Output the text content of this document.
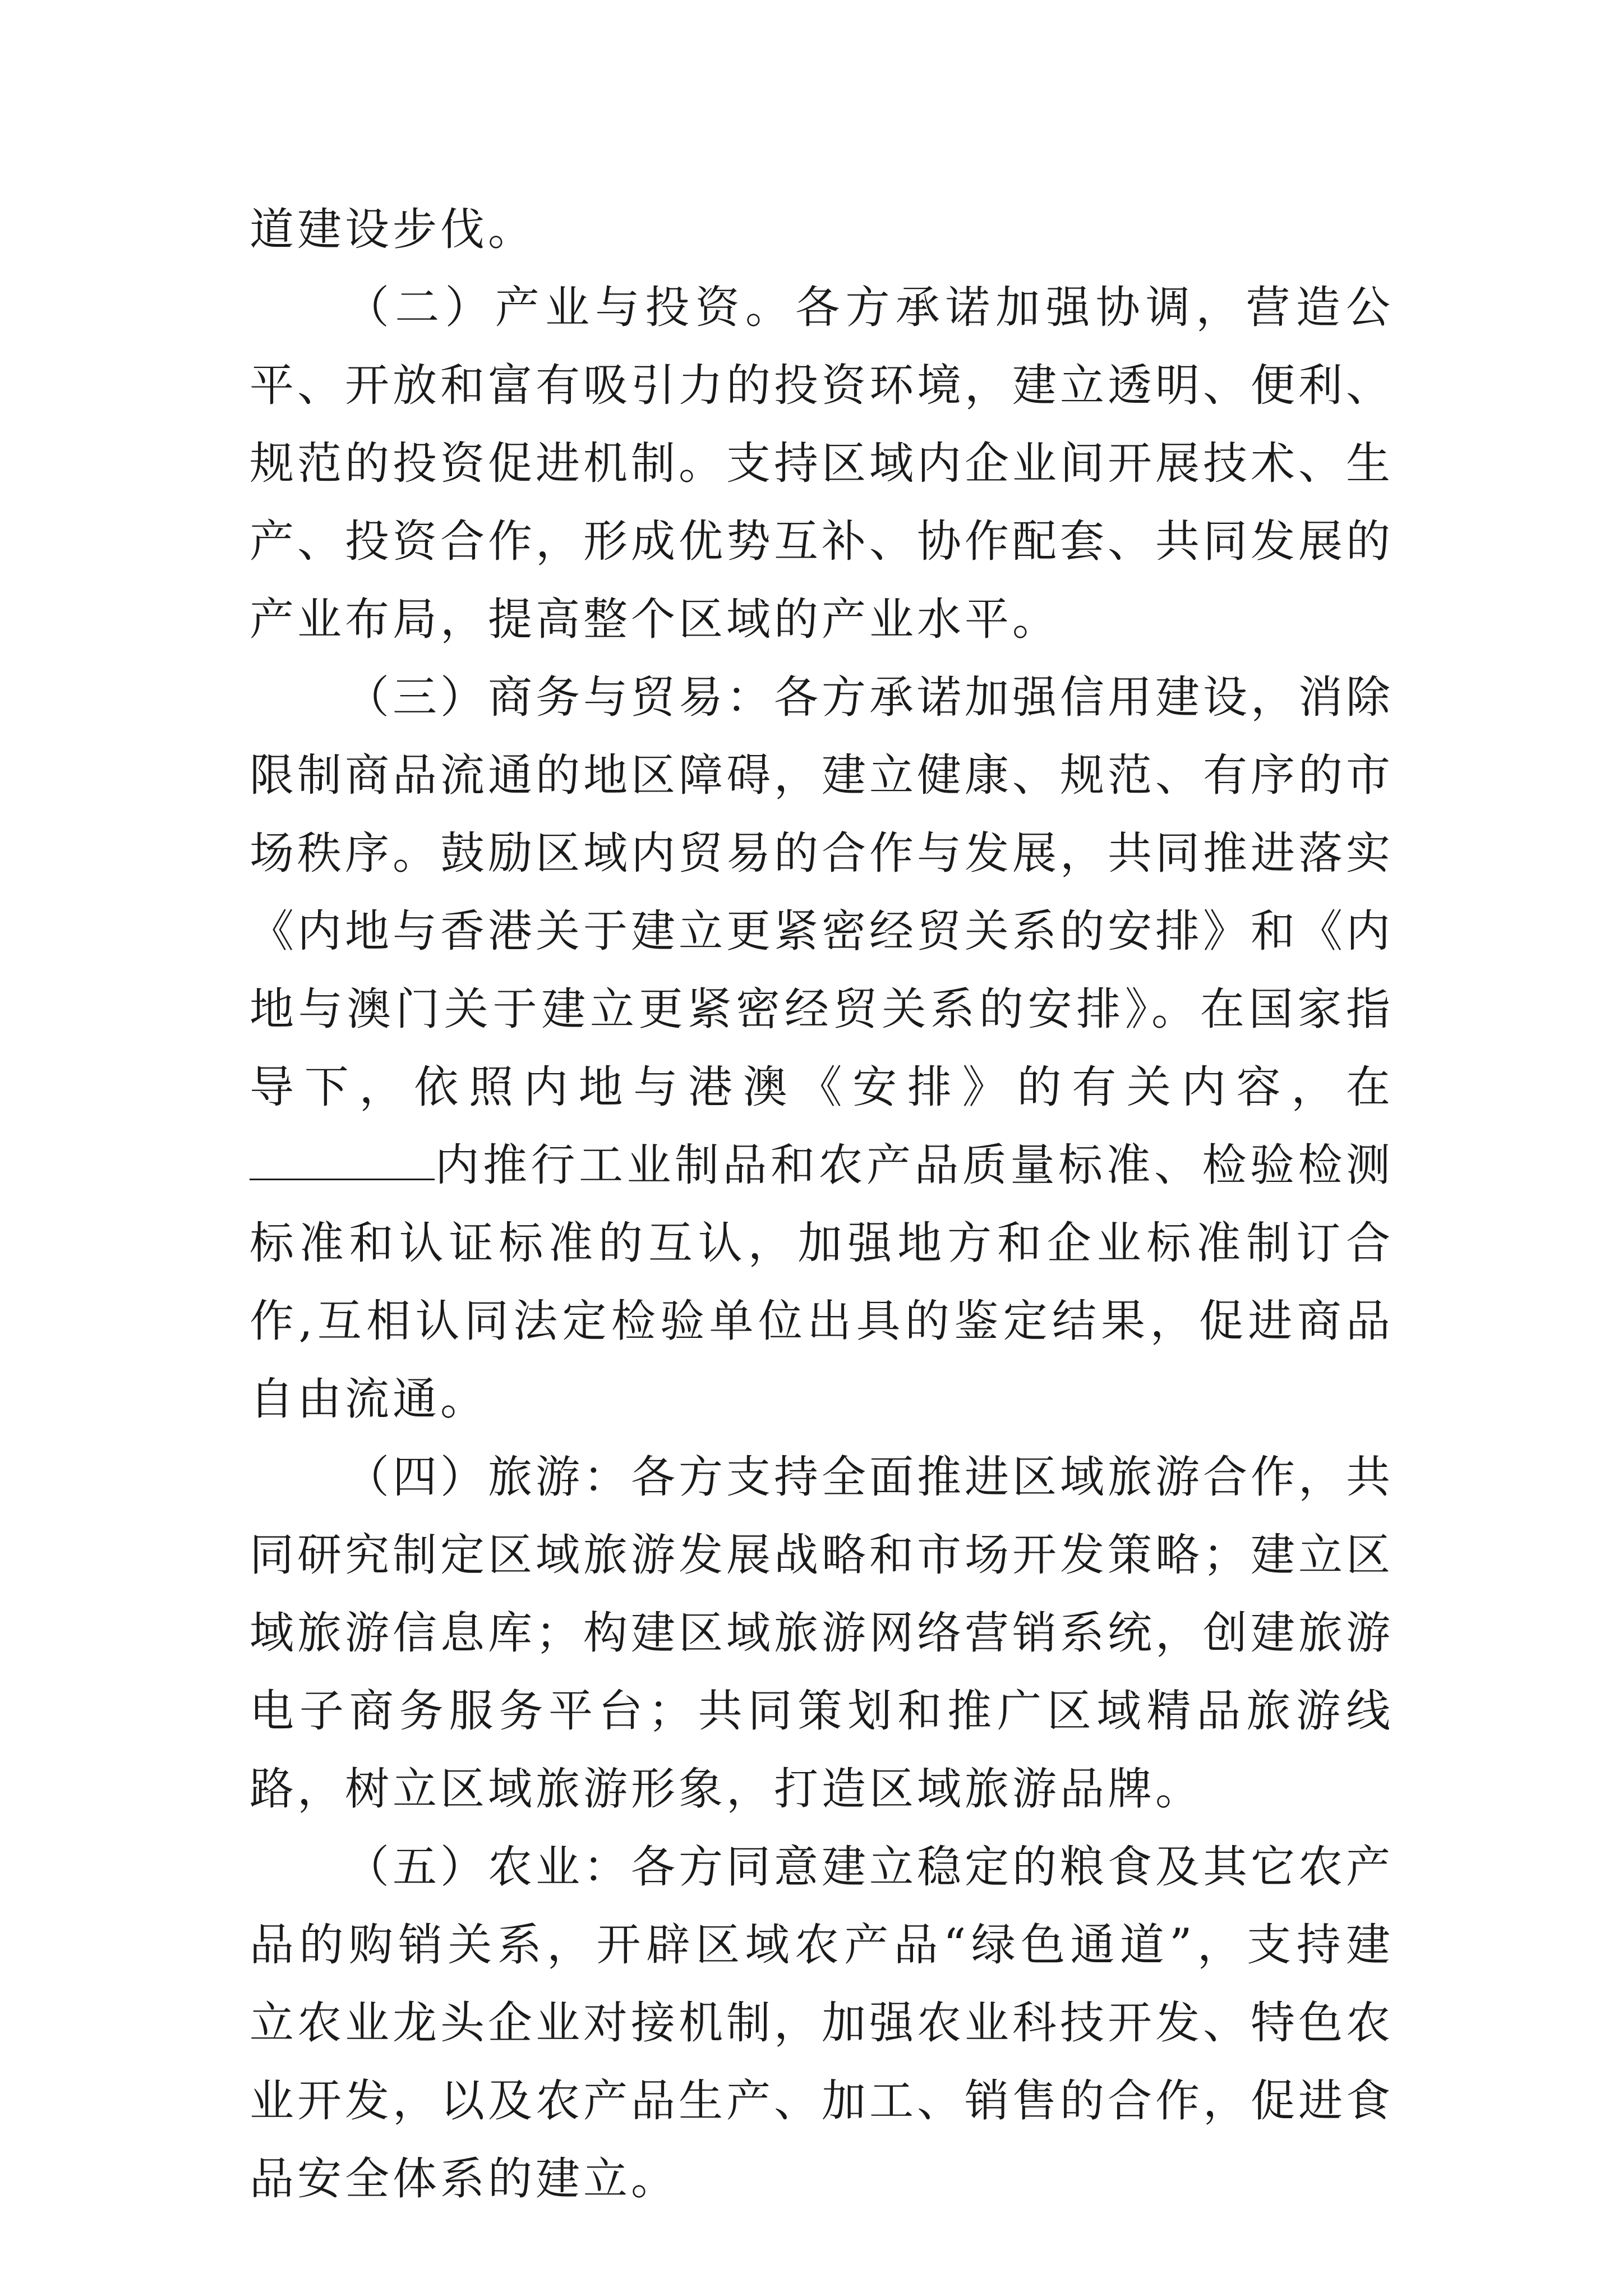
道建设步伐。

（二）产业与投资。各方承诺加强协调，营造公平、开放和富有吸引力的投资环境，建立透明、便利、规范的投资促进机制。支持区域内企业间开展技术、生产、投资合作，形成优势互补、协作配套、共同发展的产业布局，提高整个区域的产业水平。

（三）商务与贸易：各方承诺加强信用建设，消除限制商品流通的地区障碍，建立健康、规范、有序的市场秩序。鼓励区域内贸易的合作与发展，共同推进落实《内地与香港关于建立更紧密经贸关系的安排》和《内地与澳门关于建立更紧密经贸关系的安排》。在国家指导下，依照内地与港澳《安排》的有关内容，在内推行工业制品和农产品质量标准、检验检测标准和认证标准的互认，加强地方和企业标准制订合作,互相认同法定检验单位出具的鉴定结果，促进商品自由流通。

（四）旅游：各方支持全面推进区域旅游合作，共同研究制定区域旅游发展战略和市场开发策略；建立区域旅游信息库；构建区域旅游网络营销系统，创建旅游电子商务服务平台；共同策划和推广区域精品旅游线路，树立区域旅游形象，打造区域旅游品牌。

（五）农业：各方同意建立稳定的粮食及其它农产品的购销关系，开辟区域农产品“绿色通道”，支持建立农业龙头企业对接机制，加强农业科技开发、特色农业开发，以及农产品生产、加工、销售的合作，促进食品安全体系的建立。
